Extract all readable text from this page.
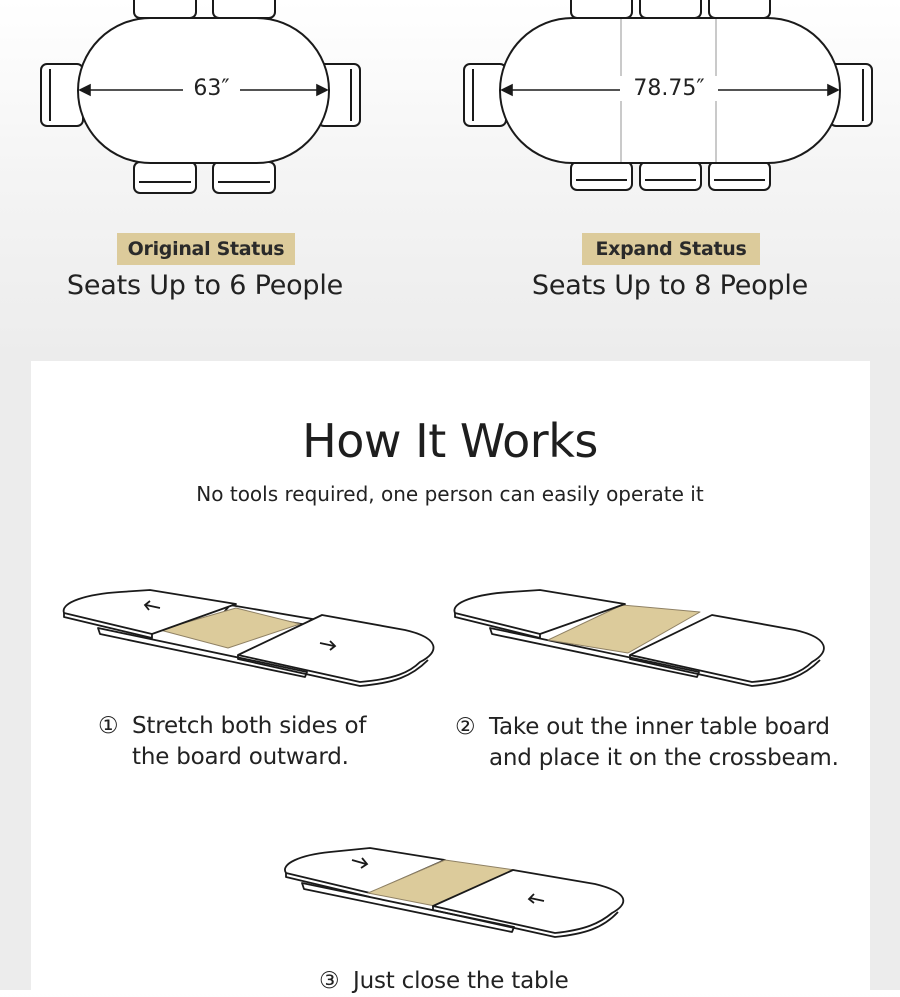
63″	78.75″
Original Status
Seats Up to 6 People
Expand Status
Seats Up to 8 People
How It Works
No tools required, one person can easily operate it
① Stretch both sides of
the board outward.
② Take out the inner table board
and place it on the crossbeam.
③ Just close the table
